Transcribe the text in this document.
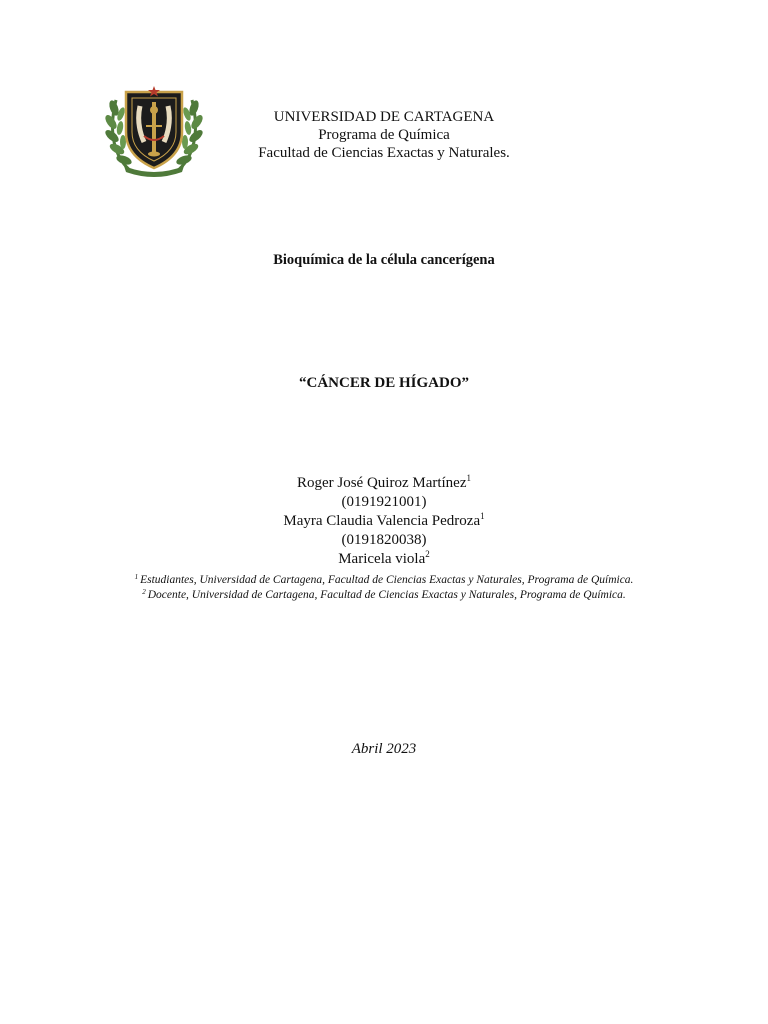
UNIVERSIDAD DE CARTAGENA
Programa de Química
Facultad de Ciencias Exactas y Naturales.
Bioquímica de la célula cancerígena
“CÁNCER DE HÍGADO”
Roger José Quiroz Martínez$^1$
(0191921001)
Mayra Claudia Valencia Pedroza$^1$
(0191820038)
Maricela viola$^2$
$^1$ Estudiantes, Universidad de Cartagena, Facultad de Ciencias Exactas y Naturales, Programa de Química.
$^2$ Docente, Universidad de Cartagena, Facultad de Ciencias Exactas y Naturales, Programa de Química.
Abril 2023
